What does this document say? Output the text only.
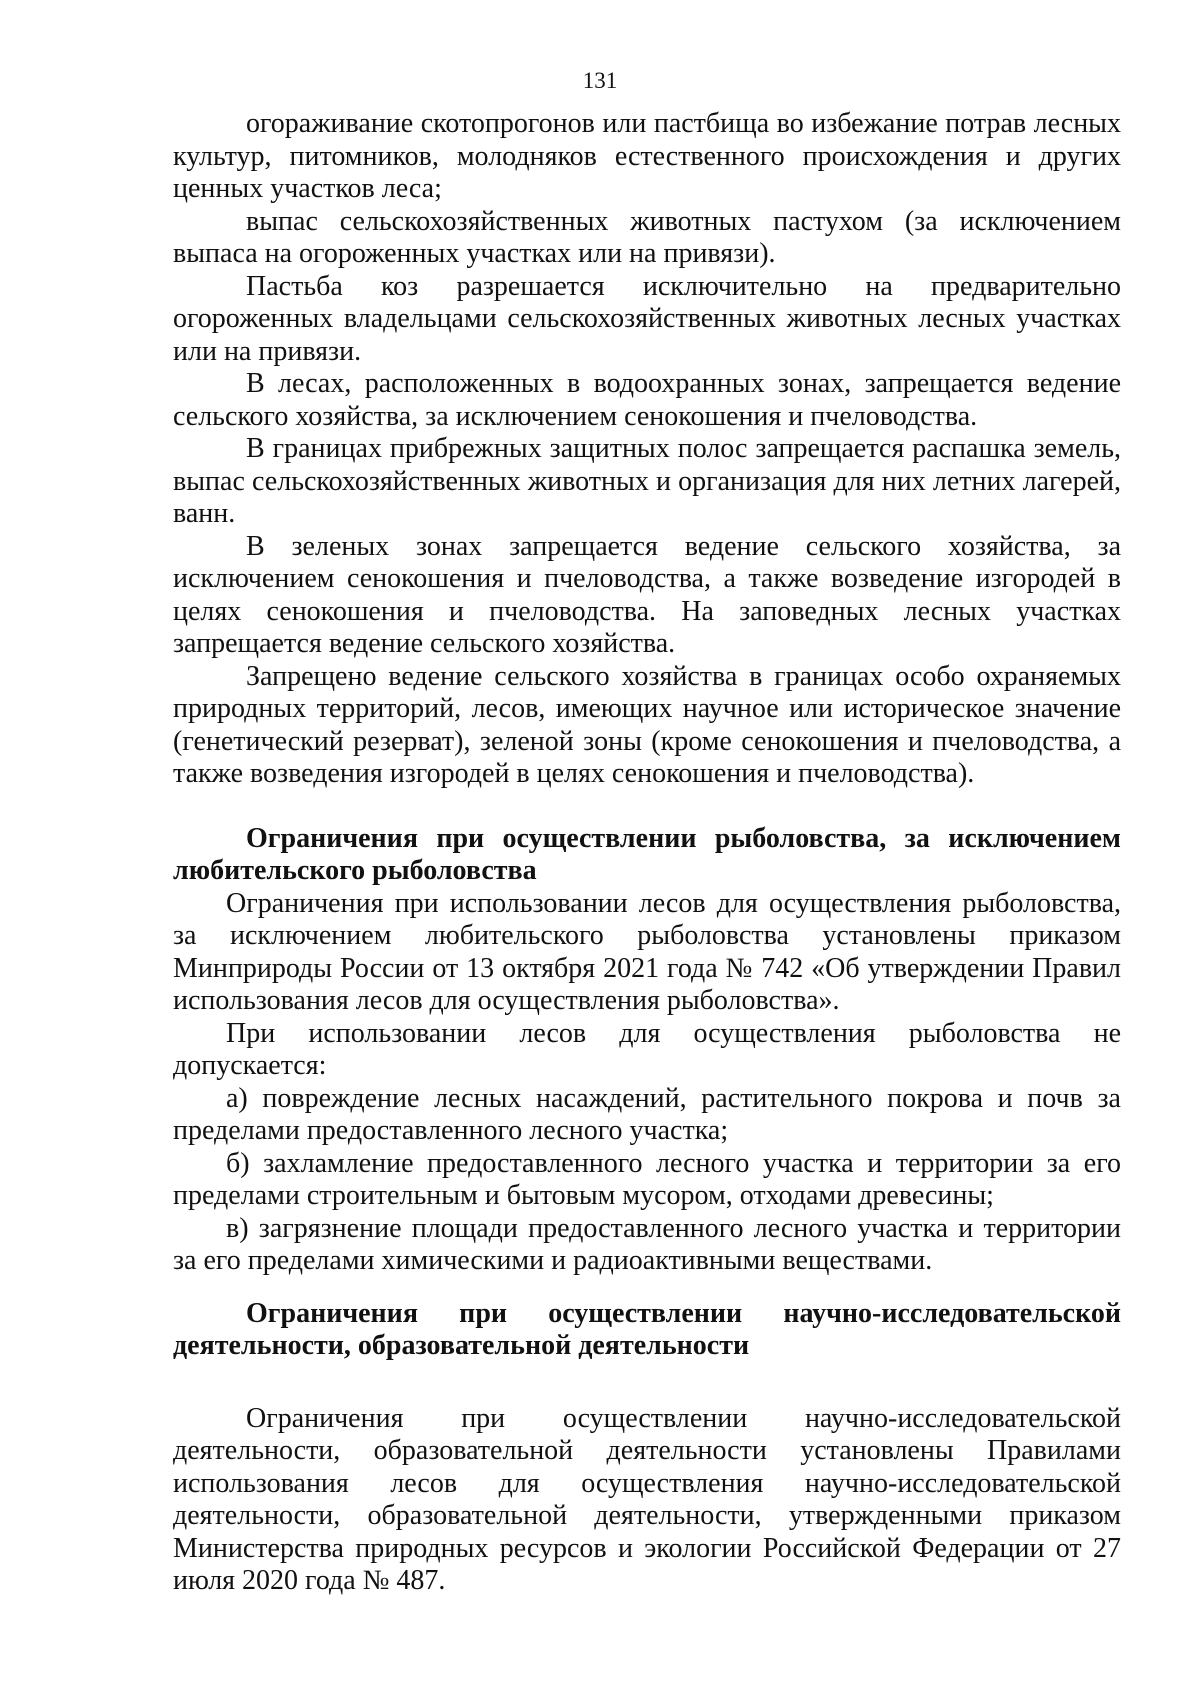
131

огораживание скотопрогонов или пастбища во избежание потрав лесных культур, питомников, молодняков естественного происхождения и других ценных участков леса;

выпас сельскохозяйственных животных пастухом (за исключением выпаса на огороженных участках или на привязи).

Пастьба коз разрешается исключительно на предварительно огороженных владельцами сельскохозяйственных животных лесных участках или на привязи.

В лесах, расположенных в водоохранных зонах, запрещается ведение сельского хозяйства, за исключением сенокошения и пчеловодства.

В границах прибрежных защитных полос запрещается распашка земель, выпас сельскохозяйственных животных и организация для них летних лагерей, ванн.

В зеленых зонах запрещается ведение сельского хозяйства, за исключением сенокошения и пчеловодства, а также возведение изгородей в целях сенокошения и пчеловодства. На заповедных лесных участках запрещается ведение сельского хозяйства.

Запрещено ведение сельского хозяйства в границах особо охраняемых природных территорий, лесов, имеющих научное или историческое значение (генетический резерват), зеленой зоны (кроме сенокошения и пчеловодства, а также возведения изгородей в целях сенокошения и пчеловодства).

Ограничения при осуществлении рыболовства, за исключением любительского рыболовства

Ограничения при использовании лесов для осуществления рыболовства, за исключением любительского рыболовства установлены приказом Минприроды России от 13 октября 2021 года № 742 «Об утверждении Правил использования лесов для осуществления рыболовства».

При использовании лесов для осуществления рыболовства не допускается:

а) повреждение лесных насаждений, растительного покрова и почв за пределами предоставленного лесного участка;

б) захламление предоставленного лесного участка и территории за его пределами строительным и бытовым мусором, отходами древесины;

в) загрязнение площади предоставленного лесного участка и территории за его пределами химическими и радиоактивными веществами.

Ограничения при осуществлении научно-исследовательской деятельности, образовательной деятельности

Ограничения при осуществлении научно-исследовательской деятельности, образовательной деятельности установлены Правилами использования лесов для осуществления научно-исследовательской деятельности, образовательной деятельности, утвержденными приказом Министерства природных ресурсов и экологии Российской Федерации от 27 июля 2020 года № 487.
